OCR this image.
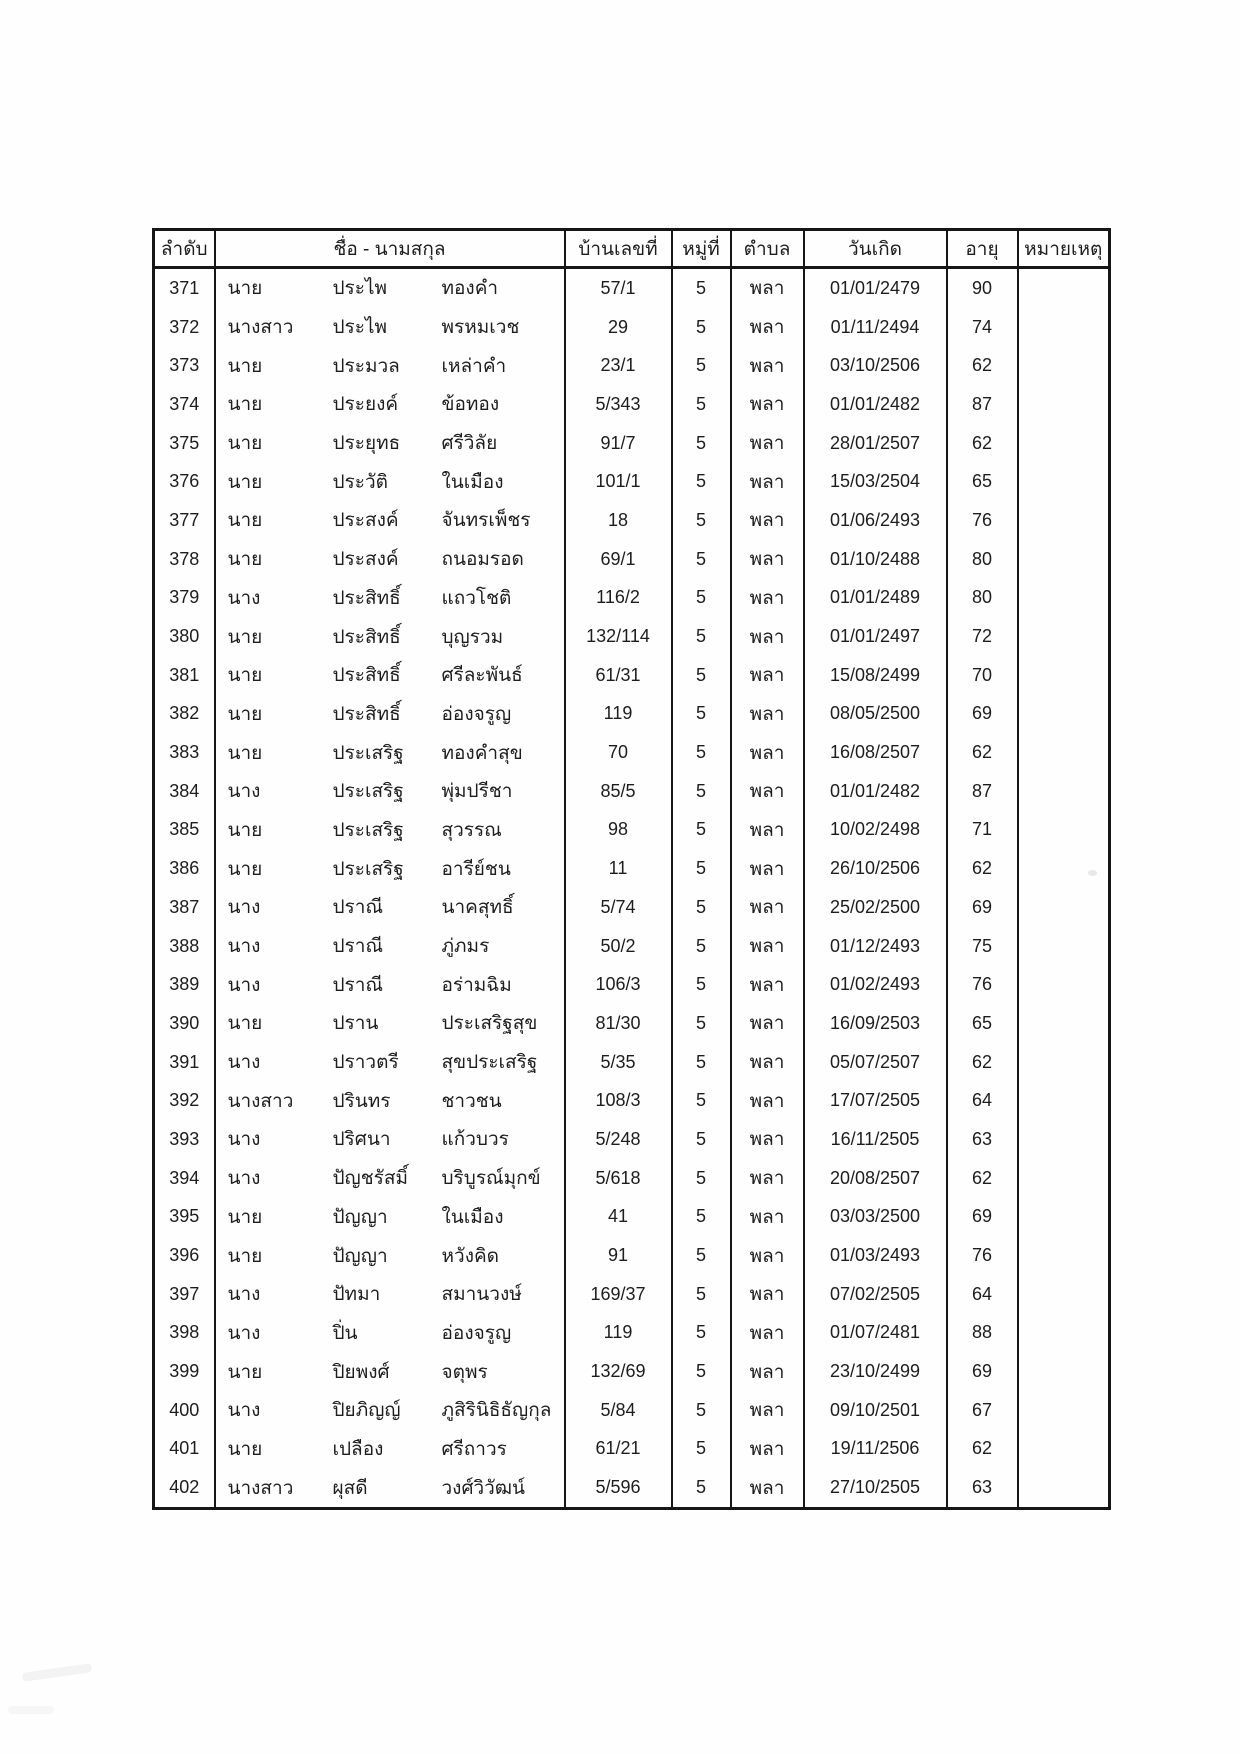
ลำดับ	ชื่อ - นามสกุล	บ้านเลขที่	หมู่ที่	ตำบล	วันเกิด	อายุ	หมายเหตุ
371	นาย ประไพ ทองคำ	57/1	5	พลา	01/01/2479	90	
372	นางสาว ประไพ พรหมเวช	29	5	พลา	01/11/2494	74	
373	นาย ประมวล เหล่าคำ	23/1	5	พลา	03/10/2506	62	
374	นาย ประยงค์ ข้อทอง	5/343	5	พลา	01/01/2482	87	
375	นาย ประยุทธ ศรีวิลัย	91/7	5	พลา	28/01/2507	62	
376	นาย ประวัติ ในเมือง	101/1	5	พลา	15/03/2504	65	
377	นาย ประสงค์ จันทรเพ็ชร	18	5	พลา	01/06/2493	76	
378	นาย ประสงค์ ถนอมรอด	69/1	5	พลา	01/10/2488	80	
379	นาง ประสิทธิ์ แถวโชติ	116/2	5	พลา	01/01/2489	80	
380	นาย ประสิทธิ์ บุญรวม	132/114	5	พลา	01/01/2497	72	
381	นาย ประสิทธิ์ ศรีละพันธ์	61/31	5	พลา	15/08/2499	70	
382	นาย ประสิทธิ์ อ่องจรูญ	119	5	พลา	08/05/2500	69	
383	นาย ประเสริฐ ทองคำสุข	70	5	พลา	16/08/2507	62	
384	นาง ประเสริฐ พุ่มปรีชา	85/5	5	พลา	01/01/2482	87	
385	นาย ประเสริฐ สุวรรณ	98	5	พลา	10/02/2498	71	
386	นาย ประเสริฐ อารีย์ชน	11	5	พลา	26/10/2506	62	
387	นาง ปราณี นาคสุทธิ์	5/74	5	พลา	25/02/2500	69	
388	นาง ปราณี ภู่ภมร	50/2	5	พลา	01/12/2493	75	
389	นาง ปราณี อร่ามฉิม	106/3	5	พลา	01/02/2493	76	
390	นาย ปราน ประเสริฐสุข	81/30	5	พลา	16/09/2503	65	
391	นาง ปราวตรี สุขประเสริฐ	5/35	5	พลา	05/07/2507	62	
392	นางสาว ปรินทร ชาวชน	108/3	5	พลา	17/07/2505	64	
393	นาง ปริศนา แก้วบวร	5/248	5	พลา	16/11/2505	63	
394	นาง ปัญชรัสมิ์ บริบูรณ์มุกข์	5/618	5	พลา	20/08/2507	62	
395	นาย ปัญญา ในเมือง	41	5	พลา	03/03/2500	69	
396	นาย ปัญญา หวังคิด	91	5	พลา	01/03/2493	76	
397	นาง ปัทมา สมานวงษ์	169/37	5	พลา	07/02/2505	64	
398	นาง ปิ่น อ่องจรูญ	119	5	พลา	01/07/2481	88	
399	นาย ปิยพงศ์ จตุพร	132/69	5	พลา	23/10/2499	69	
400	นาง ปิยภิญญ์ ภูสิรินิธิธัญกุล	5/84	5	พลา	09/10/2501	67	
401	นาย เปลือง ศรีถาวร	61/21	5	พลา	19/11/2506	62	
402	นางสาว ผุสดี วงศ์วิวัฒน์	5/596	5	พลา	27/10/2505	63	
